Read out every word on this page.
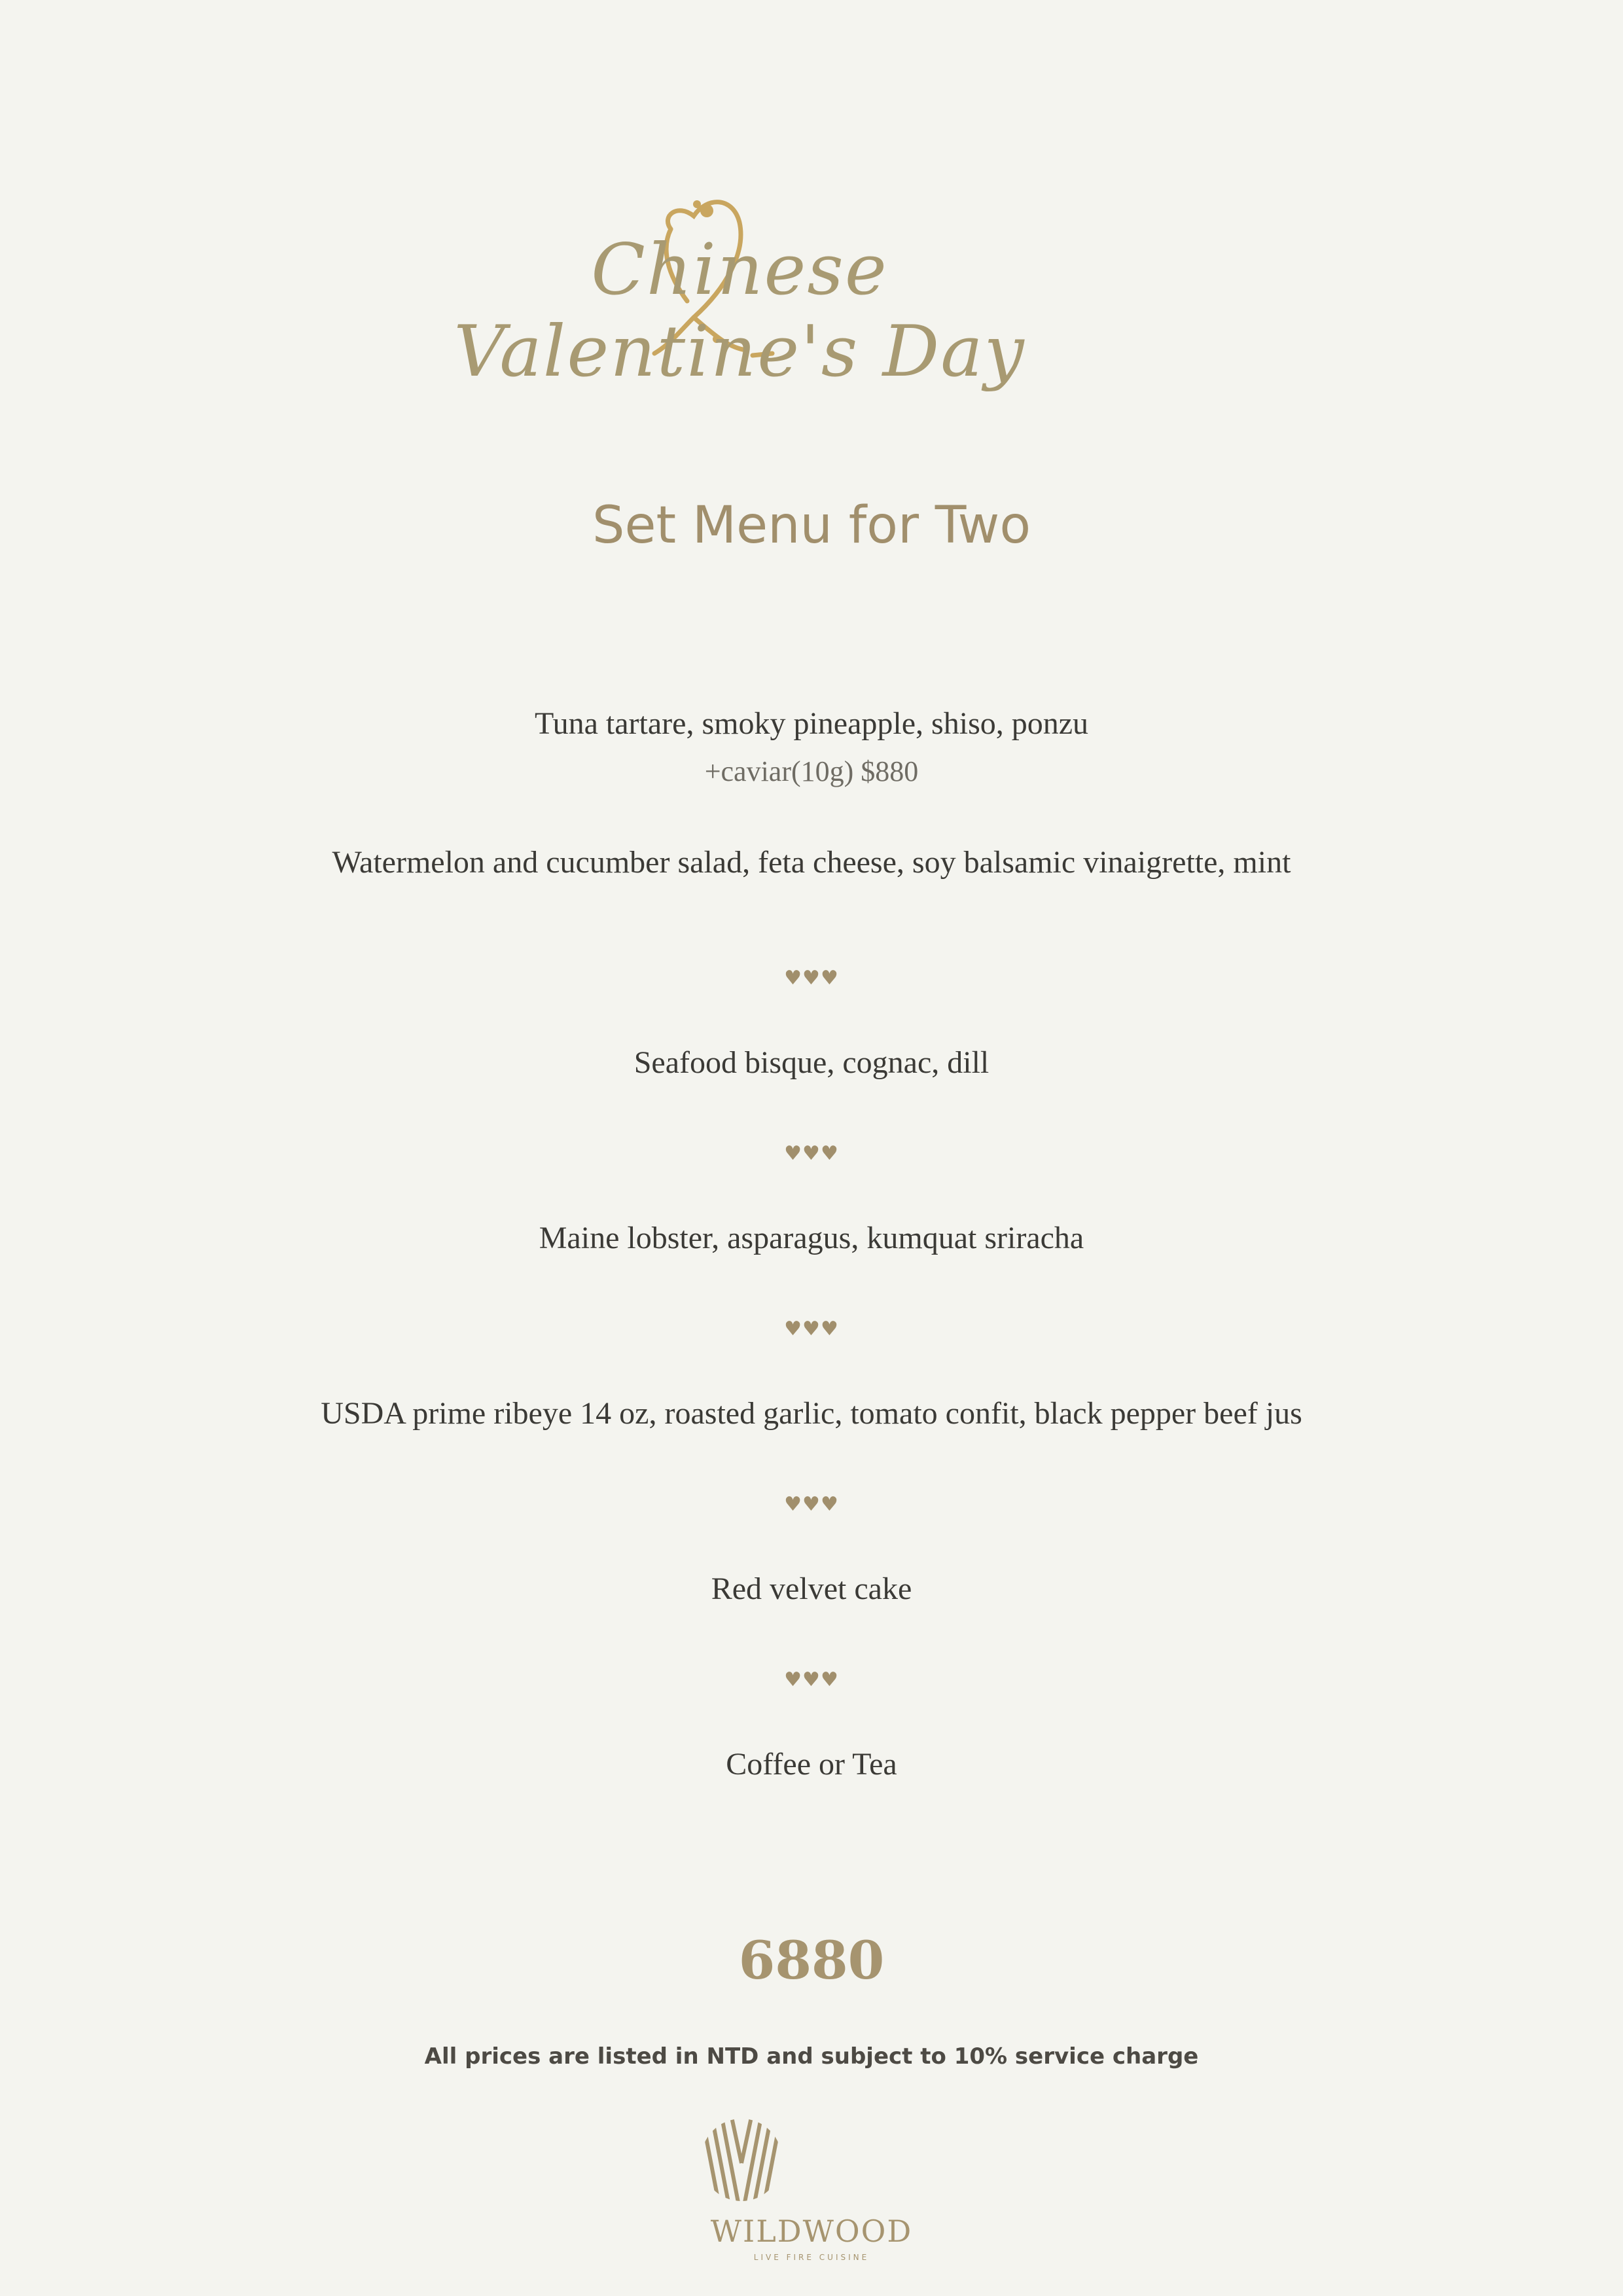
Chinese Valentine's Day
Set Menu for Two

Tuna tartare, smoky pineapple, shiso, ponzu

+caviar(10g) $880

Watermelon and cucumber salad, feta cheese, soy balsamic vinaigrette, mint

♥♥♥

Seafood bisque, cognac, dill

♥♥♥

Maine lobster, asparagus, kumquat sriracha

♥♥♥

USDA prime ribeye 14 oz, roasted garlic, tomato confit, black pepper beef jus

♥♥♥

Red velvet cake

♥♥♥

Coffee or Tea

6880

All prices are listed in NTD and subject to 10% service charge

WILDWOOD

LIVE FIRE CUISINE
